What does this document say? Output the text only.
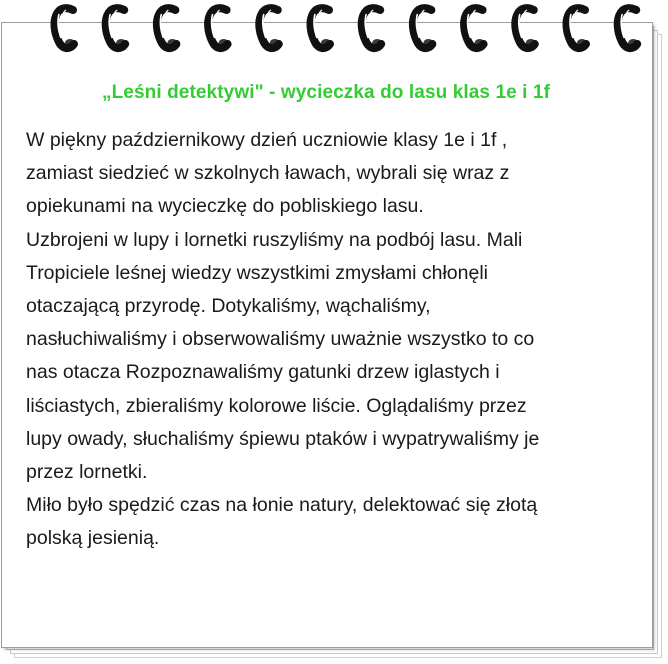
„Leśni detektywi" - wycieczka do lasu klas 1e i 1f
W piękny październikowy dzień uczniowie klasy 1e i 1f ,
zamiast siedzieć w szkolnych ławach, wybrali się wraz z
opiekunami na wycieczkę do pobliskiego lasu.
Uzbrojeni w lupy i lornetki ruszyliśmy na podbój lasu. Mali
Tropiciele leśnej wiedzy wszystkimi zmysłami chłonęli
otaczającą przyrodę. Dotykaliśmy, wąchaliśmy,
nasłuchiwaliśmy i obserwowaliśmy uważnie wszystko to co
nas otacza Rozpoznawaliśmy gatunki drzew iglastych i
liściastych, zbieraliśmy kolorowe liście. Oglądaliśmy przez
lupy owady, słuchaliśmy śpiewu ptaków i wypatrywaliśmy je
przez lornetki.
Miło było spędzić czas na łonie natury, delektować się złotą
polską jesienią.
